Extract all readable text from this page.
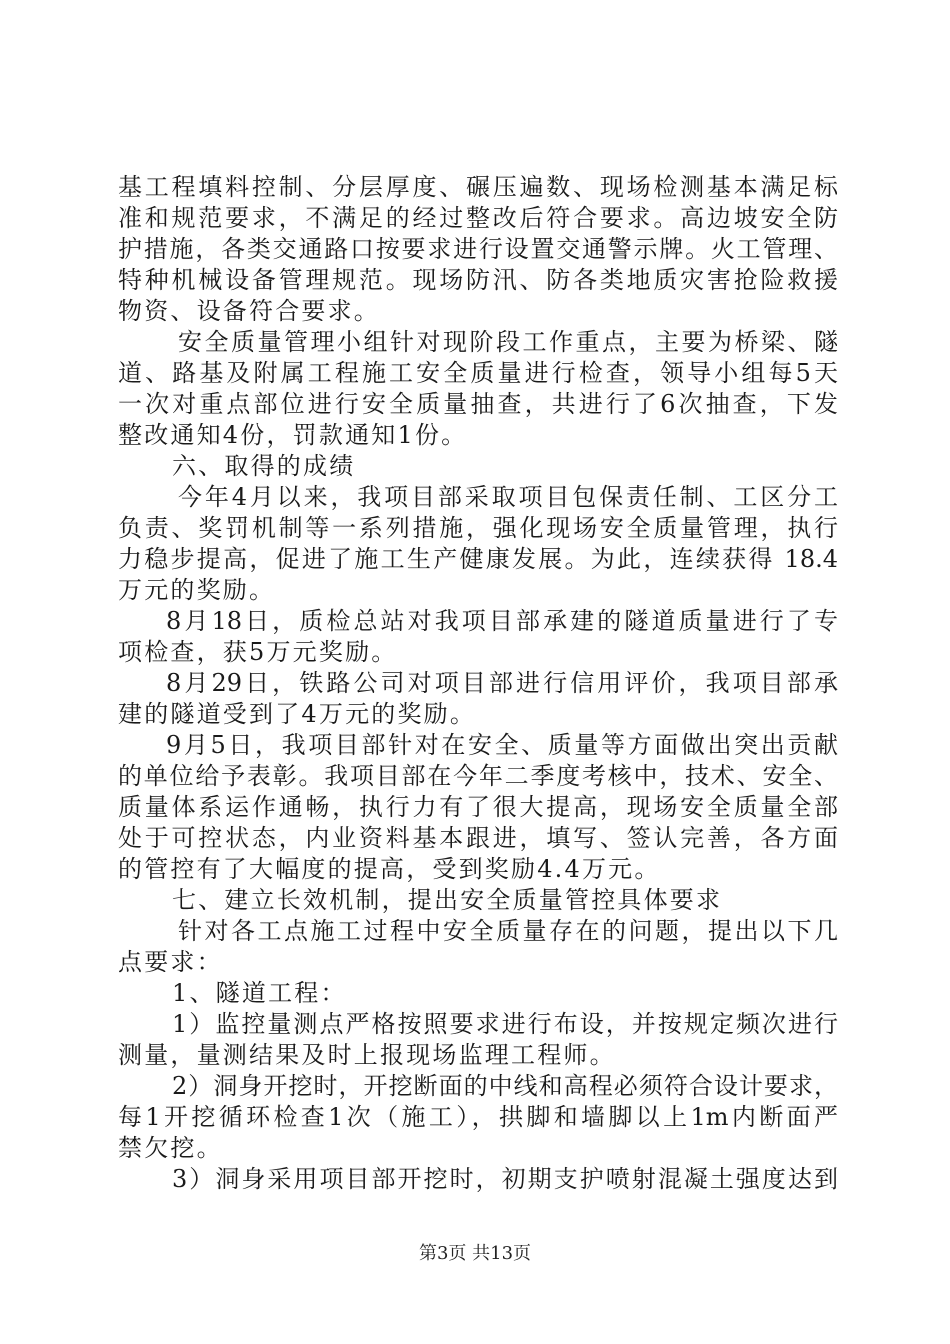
基工程填料控制、分层厚度、碾压遍数、现场检测基本满足标
准和规范要求，不满足的经过整改后符合要求。高边坡安全防
护措施，各类交通路口按要求进行设置交通警示牌。火工管理、
特种机械设备管理规范。现场防汛、防各类地质灾害抢险救援
物资、设备符合要求。
安全质量管理小组针对现阶段工作重点，主要为桥梁、隧
道、路基及附属工程施工安全质量进行检查，领导小组每5天
一次对重点部位进行安全质量抽查，共进行了6次抽查，下发
整改通知4份，罚款通知1份。
六、取得的成绩
今年4月以来，我项目部采取项目包保责任制、工区分工
负责、奖罚机制等一系列措施，强化现场安全质量管理，执行
力稳步提高，促进了施工生产健康发展。为此，连续获得 18.4
万元的奖励。
8月18日，质检总站对我项目部承建的隧道质量进行了专
项检查，获5万元奖励。
8月29日，铁路公司对项目部进行信用评价，我项目部承
建的隧道受到了4万元的奖励。
9月5日，我项目部针对在安全、质量等方面做出突出贡献
的单位给予表彰。我项目部在今年二季度考核中，技术、安全、
质量体系运作通畅，执行力有了很大提高，现场安全质量全部
处于可控状态，内业资料基本跟进，填写、签认完善，各方面
的管控有了大幅度的提高，受到奖励4.4万元。
七、建立长效机制，提出安全质量管控具体要求
针对各工点施工过程中安全质量存在的问题，提出以下几
点要求：
1、隧道工程：
1）监控量测点严格按照要求进行布设，并按规定频次进行
测量，量测结果及时上报现场监理工程师。
2）洞身开挖时，开挖断面的中线和高程必须符合设计要求，
每1开挖循环检查1次（施工），拱脚和墙脚以上1m内断面严
禁欠挖。
3）洞身采用项目部开挖时，初期支护喷射混凝土强度达到
第3页 共13页
